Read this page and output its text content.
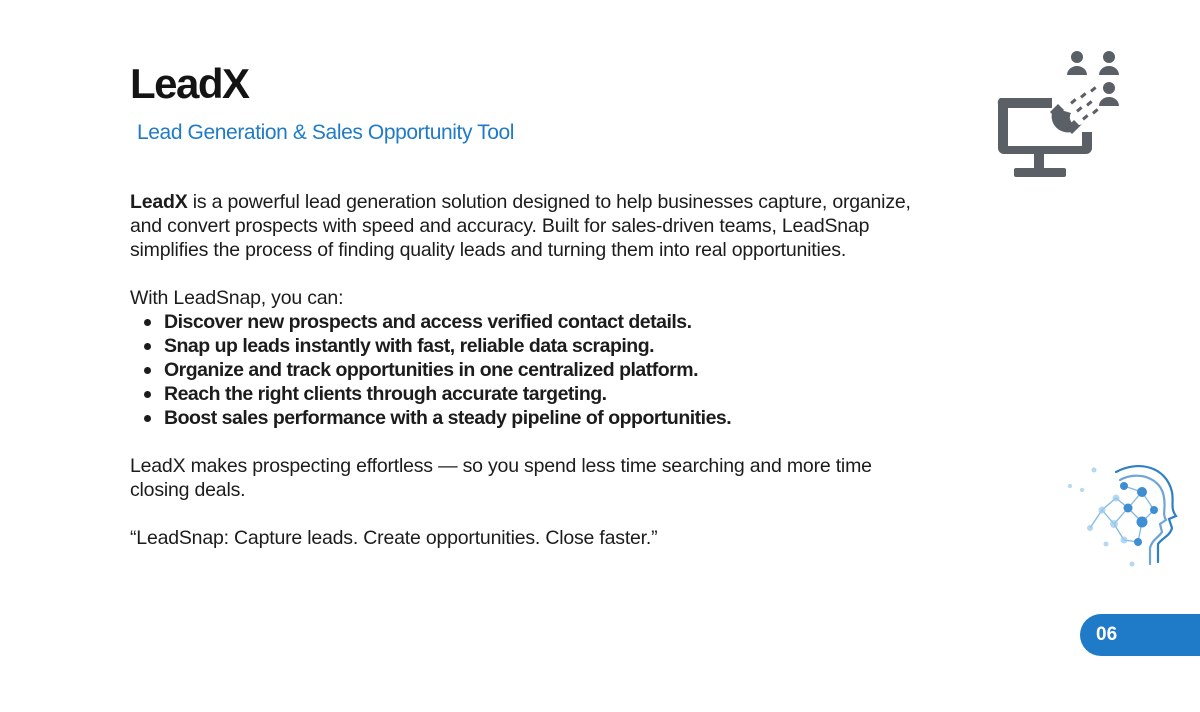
LeadX
Lead Generation & Sales Opportunity Tool

LeadX is a powerful lead generation solution designed to help businesses capture, organize, and convert prospects with speed and accuracy. Built for sales-driven teams, LeadSnap simplifies the process of finding quality leads and turning them into real opportunities.

With LeadSnap, you can:

Discover new prospects and access verified contact details.
Snap up leads instantly with fast, reliable data scraping.
Organize and track opportunities in one centralized platform.
Reach the right clients through accurate targeting.
Boost sales performance with a steady pipeline of opportunities.

LeadX makes prospecting effortless — so you spend less time searching and more time closing deals.

“LeadSnap: Capture leads. Create opportunities. Close faster.”

06
